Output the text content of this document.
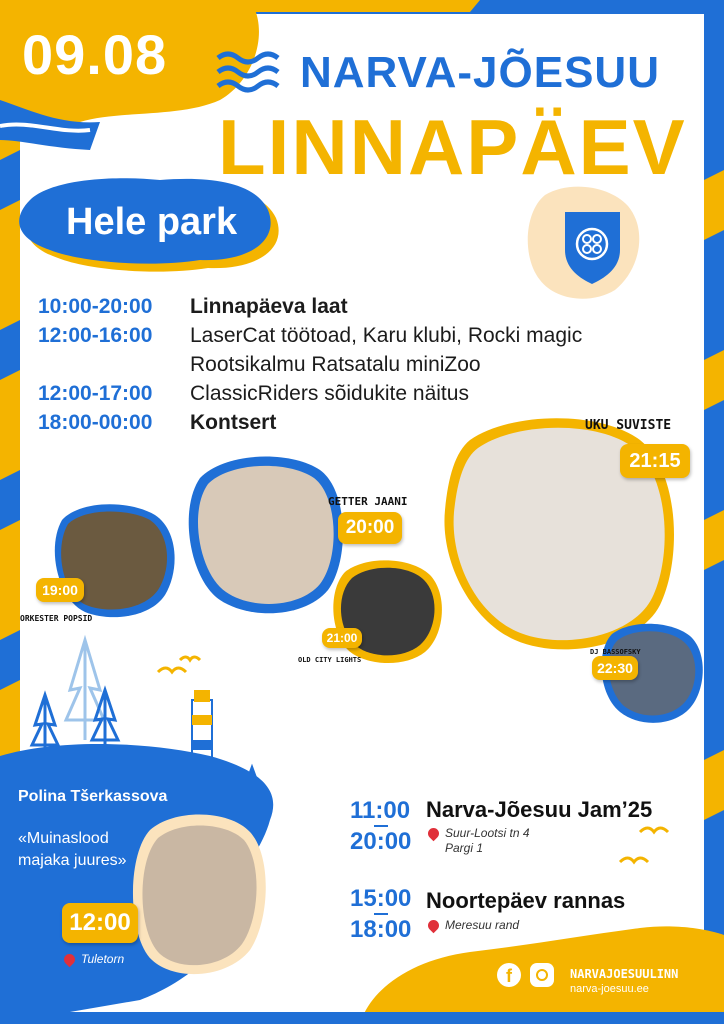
09.08	NARVA-JÕESUU
LINNAPÄEV
Hele park
10:00-20:00	Linnapäeva laat
12:00-16:00	LaserCat töötoad, Karu klubi, Rocki magic
Rootsikalmu Ratsatalu miniZoo
12:00-17:00	ClassicRiders sõidukite näitus
18:00-00:00	Kontsert
ORKESTER POPSID
19:00
GETTER JAANI
20:00
OLD CITY LIGHTS
21:00
UKU SUVISTE
21:15
DJ BASSOFSKY
22:30
Polina Tšerkassova
«Muinaslood majaka juures»
12:00
Tuletorn
11:00
20:00
Narva-Jõesuu Jam’25
Suur-Lootsi tn 4
Pargi 1
15:00
18:00
Noortepäev rannas
Meresuu rand
f	NARVAJOESUULINN
narva-joesuu.ee
